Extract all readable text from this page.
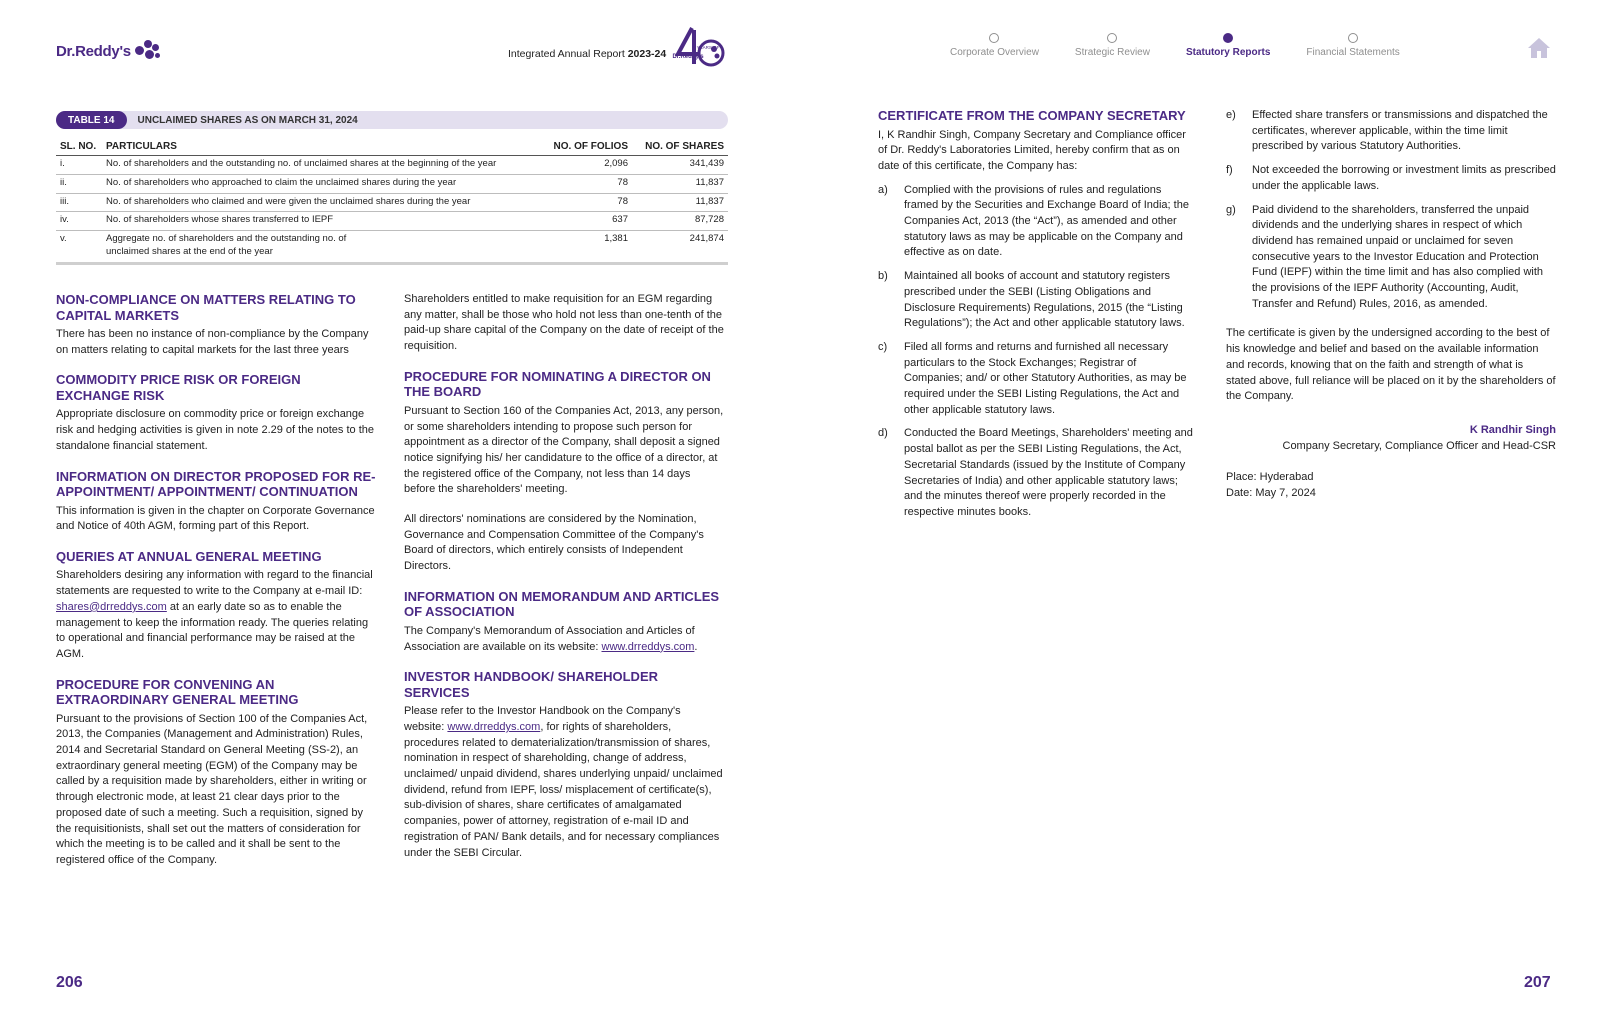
Dr.Reddy's	Integrated Annual Report 2023-24
YEARS OF
Dr.Reddy's	Corporate Overview	Strategic Review	Statutory Reports	Financial Statements
TABLE 14	UNCLAIMED SHARES AS ON MARCH 31, 2024
SL. NO.	PARTICULARS	NO. OF FOLIOS	NO. OF SHARES
i.	No. of shareholders and the outstanding no. of unclaimed shares at the beginning of the year	2,096	341,439
ii.	No. of shareholders who approached to claim the unclaimed shares during the year	78	11,837
iii.	No. of shareholders who claimed and were given the unclaimed shares during the year	78	11,837
iv.	No. of shareholders whose shares transferred to IEPF	637	87,728
v.	Aggregate no. of shareholders and the outstanding no. of unclaimed shares at the end of the year	1,381	241,874
NON-COMPLIANCE ON MATTERS RELATING TO CAPITAL MARKETS
There has been no instance of non-compliance by the Company on matters relating to capital markets for the last three years
COMMODITY PRICE RISK OR FOREIGN EXCHANGE RISK
Appropriate disclosure on commodity price or foreign exchange risk and hedging activities is given in note 2.29 of the notes to the standalone financial statement.
INFORMATION ON DIRECTOR PROPOSED FOR RE-APPOINTMENT/ APPOINTMENT/ CONTINUATION
This information is given in the chapter on Corporate Governance and Notice of 40th AGM, forming part of this Report.
QUERIES AT ANNUAL GENERAL MEETING
Shareholders desiring any information with regard to the financial statements are requested to write to the Company at e-mail ID: shares@drreddys.com at an early date so as to enable the management to keep the information ready. The queries relating to operational and financial performance may be raised at the AGM.
PROCEDURE FOR CONVENING AN EXTRAORDINARY GENERAL MEETING
Pursuant to the provisions of Section 100 of the Companies Act, 2013, the Companies (Management and Administration) Rules, 2014 and Secretarial Standard on General Meeting (SS-2), an extraordinary general meeting (EGM) of the Company may be called by a requisition made by shareholders, either in writing or through electronic mode, at least 21 clear days prior to the proposed date of such a meeting. Such a requisition, signed by the requisitionists, shall set out the matters of consideration for which the meeting is to be called and it shall be sent to the registered office of the Company.

Shareholders entitled to make requisition for an EGM regarding any matter, shall be those who hold not less than one-tenth of the paid-up share capital of the Company on the date of receipt of the requisition.

PROCEDURE FOR NOMINATING A DIRECTOR ON THE BOARD

Pursuant to Section 160 of the Companies Act, 2013, any person, or some shareholders intending to propose such person for appointment as a director of the Company, shall deposit a signed notice signifying his/ her candidature to the office of a director, at the registered office of the Company, not less than 14 days before the shareholders' meeting.

All directors' nominations are considered by the Nomination, Governance and Compensation Committee of the Company's Board of directors, which entirely consists of Independent Directors.
INFORMATION ON MEMORANDUM AND ARTICLES OF ASSOCIATION
The Company's Memorandum of Association and Articles of Association are available on its website: www.drreddys.com.
INVESTOR HANDBOOK/ SHAREHOLDER SERVICES
Please refer to the Investor Handbook on the Company's website: www.drreddys.com, for rights of shareholders, procedures related to dematerialization/transmission of shares, nomination in respect of shareholding, change of address, unclaimed/ unpaid dividend, shares underlying unpaid/ unclaimed dividend, refund from IEPF, loss/ misplacement of certificate(s), sub-division of shares, share certificates of amalgamated companies, power of attorney, registration of e-mail ID and registration of PAN/ Bank details, and for necessary compliances under the SEBI Circular.
CERTIFICATE FROM THE COMPANY SECRETARY

I, K Randhir Singh, Company Secretary and Compliance officer of Dr. Reddy's Laboratories Limited, hereby confirm that as on date of this certificate, the Company has:

a)	Complied with the provisions of rules and regulations framed by the Securities and Exchange Board of India; the Companies Act, 2013 (the “Act”), as amended and other statutory laws as may be applicable on the Company and effective as on date.
b)	Maintained all books of account and statutory registers prescribed under the SEBI (Listing Obligations and Disclosure Requirements) Regulations, 2015 (the “Listing Regulations”); the Act and other applicable statutory laws.
c)	Filed all forms and returns and furnished all necessary particulars to the Stock Exchanges; Registrar of Companies; and/ or other Statutory Authorities, as may be required under the SEBI Listing Regulations, the Act and other applicable statutory laws.
d)	Conducted the Board Meetings, Shareholders' meeting and postal ballot as per the SEBI Listing Regulations, the Act, Secretarial Standards (issued by the Institute of Company Secretaries of India) and other applicable statutory laws; and the minutes thereof were properly recorded in the respective minutes books.
e)	Effected share transfers or transmissions and dispatched the certificates, wherever applicable, within the time limit prescribed by various Statutory Authorities.
f)	Not exceeded the borrowing or investment limits as prescribed under the applicable laws.
g)	Paid dividend to the shareholders, transferred the unpaid dividends and the underlying shares in respect of which dividend has remained unpaid or unclaimed for seven consecutive years to the Investor Education and Protection Fund (IEPF) within the time limit and has also complied with the provisions of the IEPF Authority (Accounting, Audit, Transfer and Refund) Rules, 2016, as amended.

The certificate is given by the undersigned according to the best of his knowledge and belief and based on the available information and records, knowing that on the faith and strength of what is stated above, full reliance will be placed on it by the shareholders of the Company.

K Randhir Singh
Company Secretary, Compliance Officer and Head-CSR
Place: Hyderabad
Date: May 7, 2024
206	207
